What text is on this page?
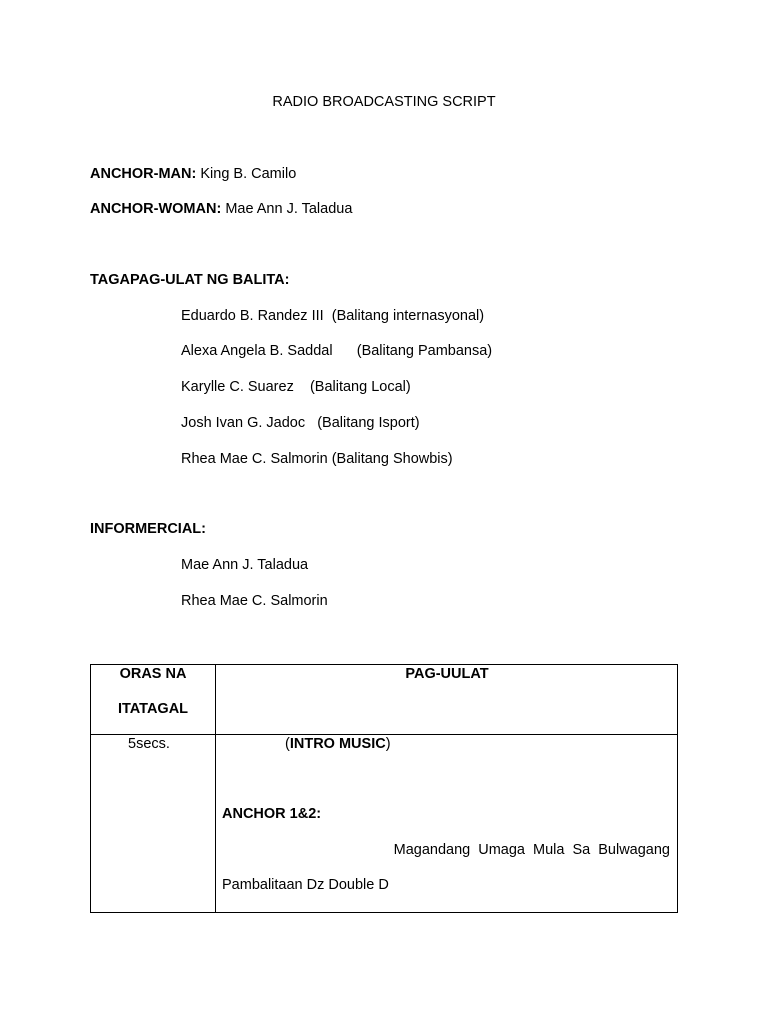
RADIO BROADCASTING SCRIPT
ANCHOR-MAN: King B. Camilo
ANCHOR-WOMAN: Mae Ann J. Taladua
TAGAPAG-ULAT NG BALITA:
Eduardo B. Randez III (Balitang internasyonal)
Alexa Angela B. Saddal (Balitang Pambansa)
Karylle C. Suarez (Balitang Local)
Josh Ivan G. Jadoc (Balitang Isport)
Rhea Mae C. Salmorin (Balitang Showbis)
INFORMERCIAL:
Mae Ann J. Taladua
Rhea Mae C. Salmorin
ORAS NA
ITATAGAL	PAG-UULAT

5secs.	(INTRO MUSIC)
ANCHOR 1&2:
Magandang Umaga Mula Sa Bulwagang
Pambalitaan Dz Double D
